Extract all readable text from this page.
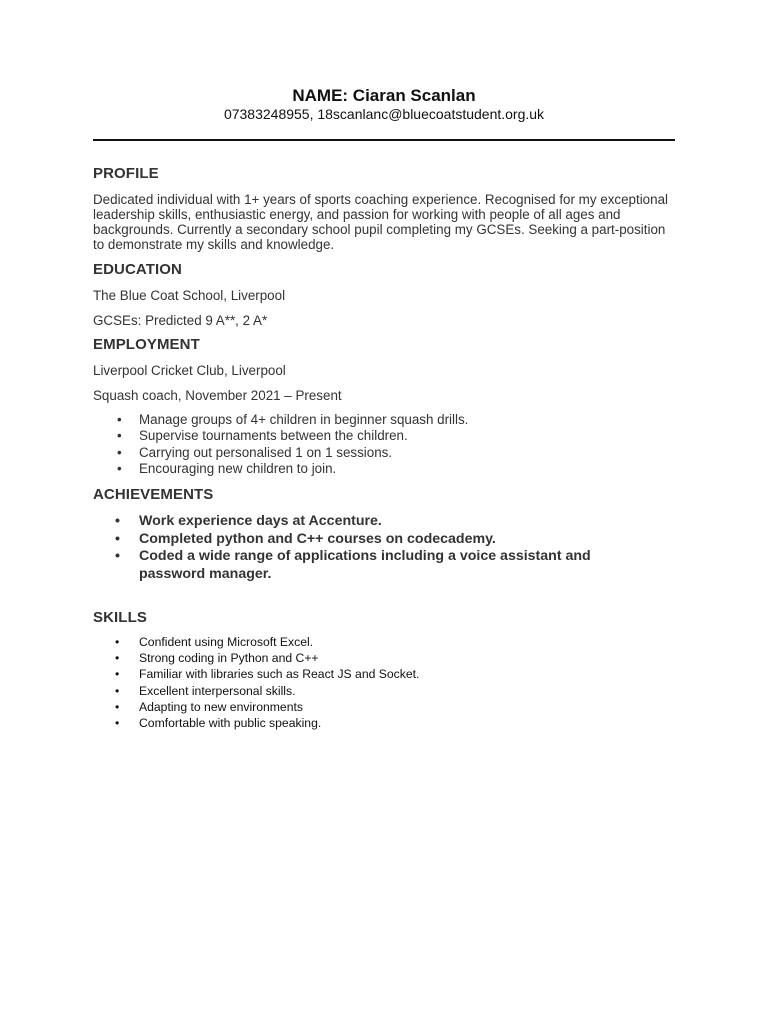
NAME: Ciaran Scanlan
07383248955, 18scanlanc@bluecoatstudent.org.uk
PROFILE
Dedicated individual with 1+ years of sports coaching experience. Recognised for my exceptional leadership skills, enthusiastic energy, and passion for working with people of all ages and backgrounds. Currently a secondary school pupil completing my GCSEs. Seeking a part-position to demonstrate my skills and knowledge.
EDUCATION
The Blue Coat School, Liverpool
GCSEs: Predicted 9 A**, 2 A*
EMPLOYMENT
Liverpool Cricket Club, Liverpool
Squash coach, November 2021 – Present
• Manage groups of 4+ children in beginner squash drills.
• Supervise tournaments between the children.
• Carrying out personalised 1 on 1 sessions.
• Encouraging new children to join.
ACHIEVEMENTS
• Work experience days at Accenture.
• Completed python and C++ courses on codecademy.
• Coded a wide range of applications including a voice assistant and password manager.
SKILLS
• Confident using Microsoft Excel.
• Strong coding in Python and C++
• Familiar with libraries such as React JS and Socket.
• Excellent interpersonal skills.
• Adapting to new environments
• Comfortable with public speaking.
